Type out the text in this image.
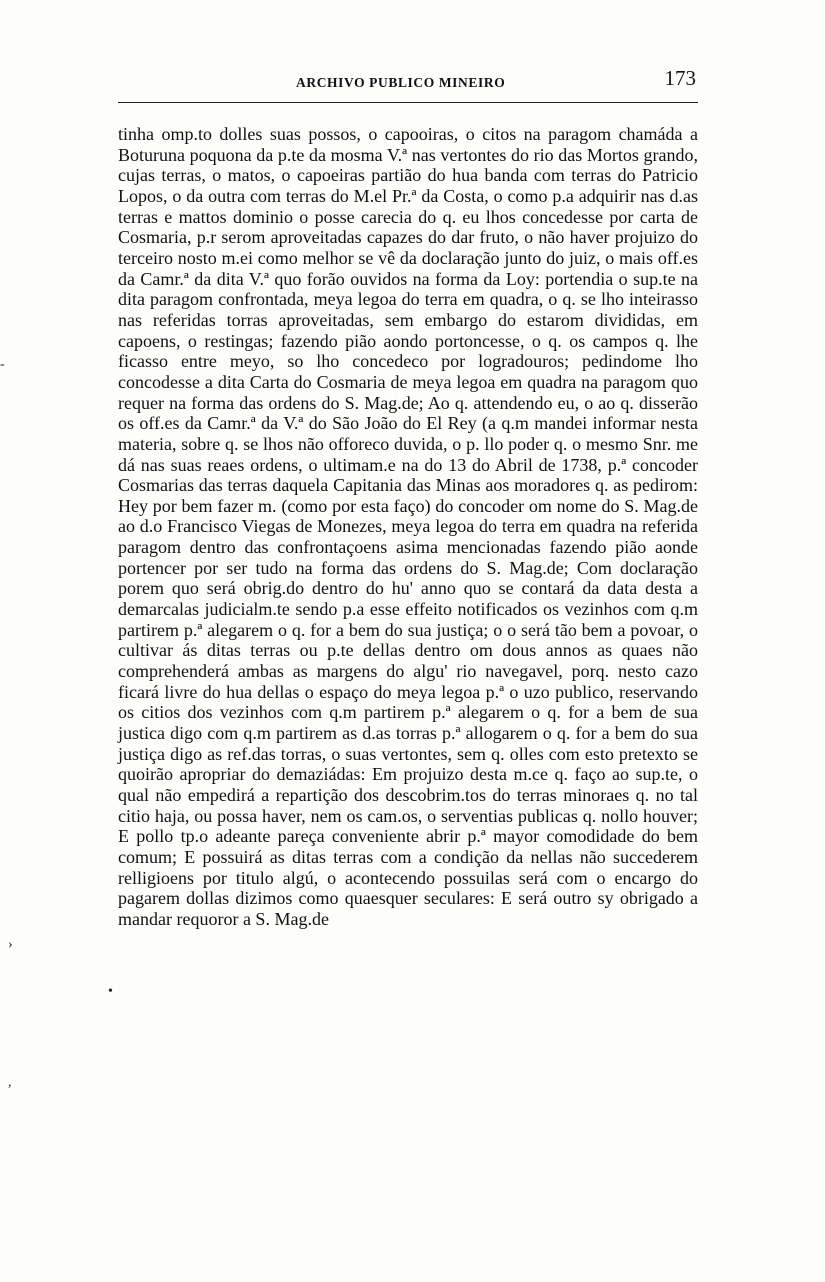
ARCHIVO PUBLICO MINEIRO	173

tinha omp.to dolles suas possos, o capooiras, o citos na paragom chamáda a Boturuna poquona da p.te da mosma V.ª nas vertontes do rio das Mortos grando, cujas terras, o matos, o capoeiras partião do hua banda com terras do Patricio Lopos, o da outra com terras do M.el Pr.ª da Costa, o como p.a adquirir nas d.as terras e mattos dominio o posse carecia do q. eu lhos concedesse por carta de Cosmaria, p.r serom aproveitadas capazes do dar fruto, o não haver projuizo do terceiro nosto m.ei como melhor se vê da doclaração junto do juiz, o mais off.es da Camr.ª da dita V.ª quo forão ouvidos na forma da Loy: portendia o sup.te na dita paragom confrontada, meya legoa do terra em quadra, o q. se lho inteirasso nas referidas torras aproveitadas, sem embargo do estarom divididas, em capoens, o restingas; fazendo pião aondo portoncesse, o q. os campos q. lhe ficasso entre meyo, so lho concedeco por logradouros; pedindome lho concodesse a dita Carta do Cosmaria de meya legoa em quadra na paragom quo requer na forma das ordens do S. Mag.de; Ao q. attendendo eu, o ao q. disserão os off.es da Camr.ª da V.ª do São João do El Rey (a q.m mandei informar nesta materia, sobre q. se lhos não offoreco duvida, o p. llo poder q. o mesmo Snr. me dá nas suas reaes ordens, o ultimam.e na do 13 do Abril de 1738, p.ª concoder Cosmarias das terras daquela Capitania das Minas aos moradores q. as pedirom: Hey por bem fazer m. (como por esta faço) do concoder om nome do S. Mag.de ao d.o Francisco Viegas de Monezes, meya legoa do terra em quadra na referida paragom dentro das confrontaçoens asima mencionadas fazendo pião aonde portencer por ser tudo na forma das ordens do S. Mag.de; Com doclaração porem quo será obrig.do dentro do hu' anno quo se contará da data desta a demarcalas judicialm.te sendo p.a esse effeito notificados os vezinhos com q.m partirem p.ª alegarem o q. for a bem do sua justiça; o o será tão bem a povoar, o cultivar ás ditas terras ou p.te dellas dentro om dous annos as quaes não comprehenderá ambas as margens do algu' rio navegavel, porq. nesto cazo ficará livre do hua dellas o espaço do meya legoa p.ª o uzo publico, reservando os citios dos vezinhos com q.m partirem p.ª alegarem o q. for a bem de sua justica digo com q.m partirem as d.as torras p.ª allogarem o q. for a bem do sua justiça digo as ref.das torras, o suas vertontes, sem q. olles com esto pretexto se quoirão apropriar do demaziádas: Em projuizo desta m.ce q. faço ao sup.te, o qual não empedirá a repartição dos descobrim.tos do terras minoraes q. no tal citio haja, ou possa haver, nem os cam.os, o serventias publicas q. nollo houver; E pollo tp.o adeante pareça conveniente abrir p.ª mayor comodidade do bem comum; E possuirá as ditas terras com a condição da nellas não succederem relligioens por titulo algú, o acontecendo possuilas será com o encargo do pagarem dollas dizimos como quaesquer seculares: E será outro sy obrigado a mandar requoror a S. Mag.de

-
›
•
,
